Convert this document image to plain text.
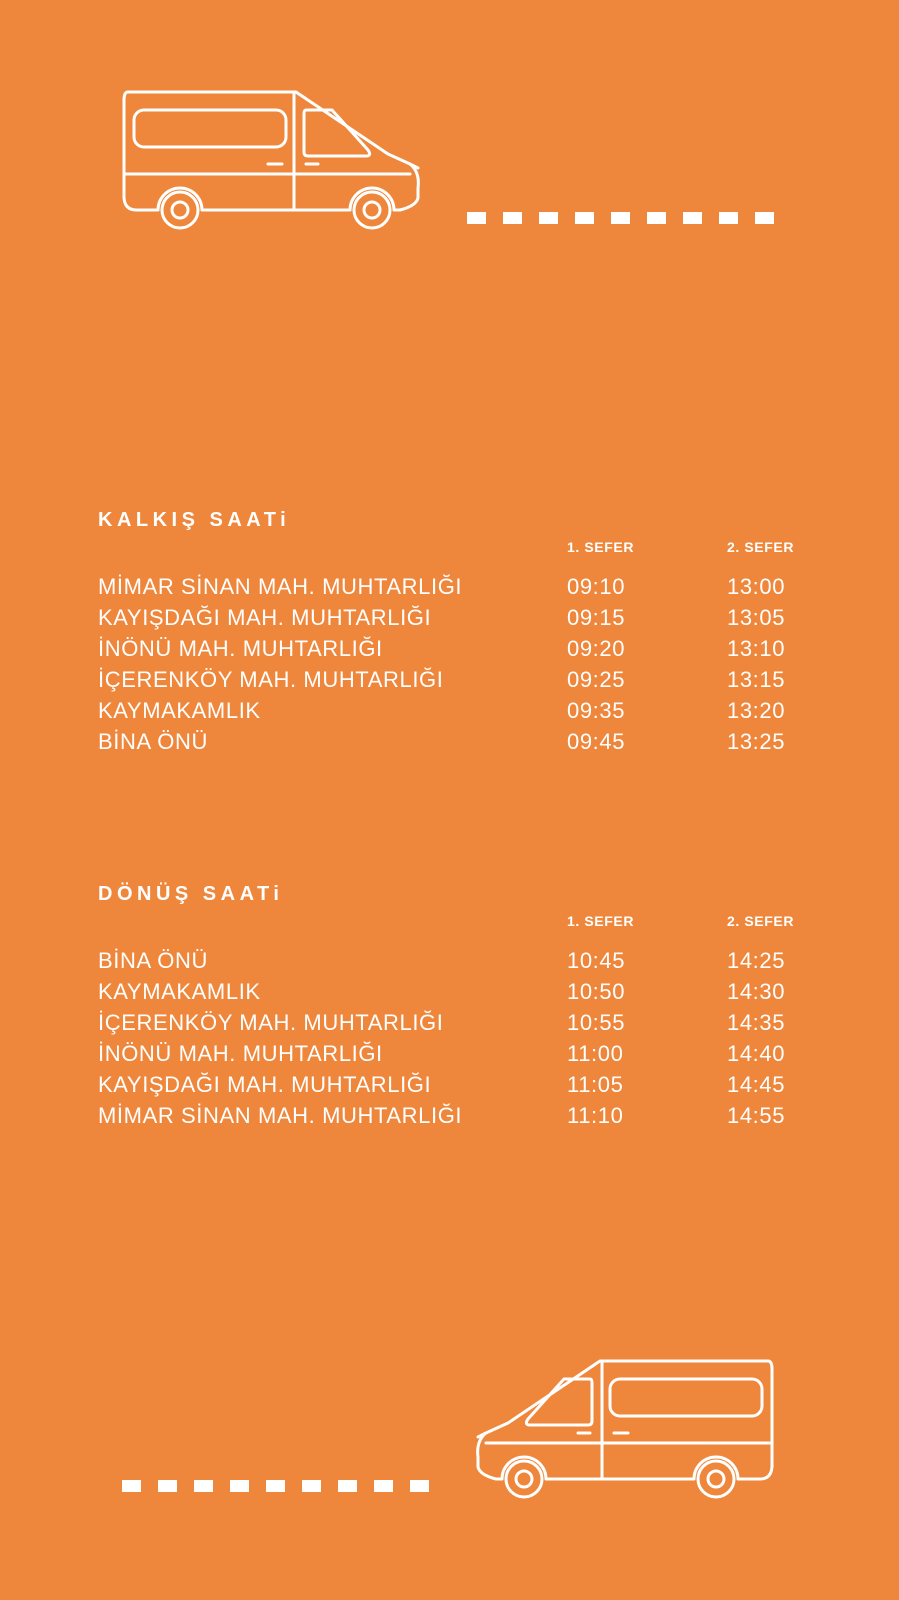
KALKIŞ SAATi
1. SEFER	2. SEFER
MİMAR SİNAN MAH. MUHTARLIĞI	09:10	13:00
KAYIŞDAĞI MAH. MUHTARLIĞI	09:15	13:05
İNÖNÜ MAH. MUHTARLIĞI	09:20	13:10
İÇERENKÖY MAH. MUHTARLIĞI	09:25	13:15
KAYMAKAMLIK	09:35	13:20
BİNA ÖNÜ	09:45	13:25
DÖNÜŞ SAATi
1. SEFER	2. SEFER
BİNA ÖNÜ	10:45	14:25
KAYMAKAMLIK	10:50	14:30
İÇERENKÖY MAH. MUHTARLIĞI	10:55	14:35
İNÖNÜ MAH. MUHTARLIĞI	11:00	14:40
KAYIŞDAĞI MAH. MUHTARLIĞI	11:05	14:45
MİMAR SİNAN MAH. MUHTARLIĞI	11:10	14:55
